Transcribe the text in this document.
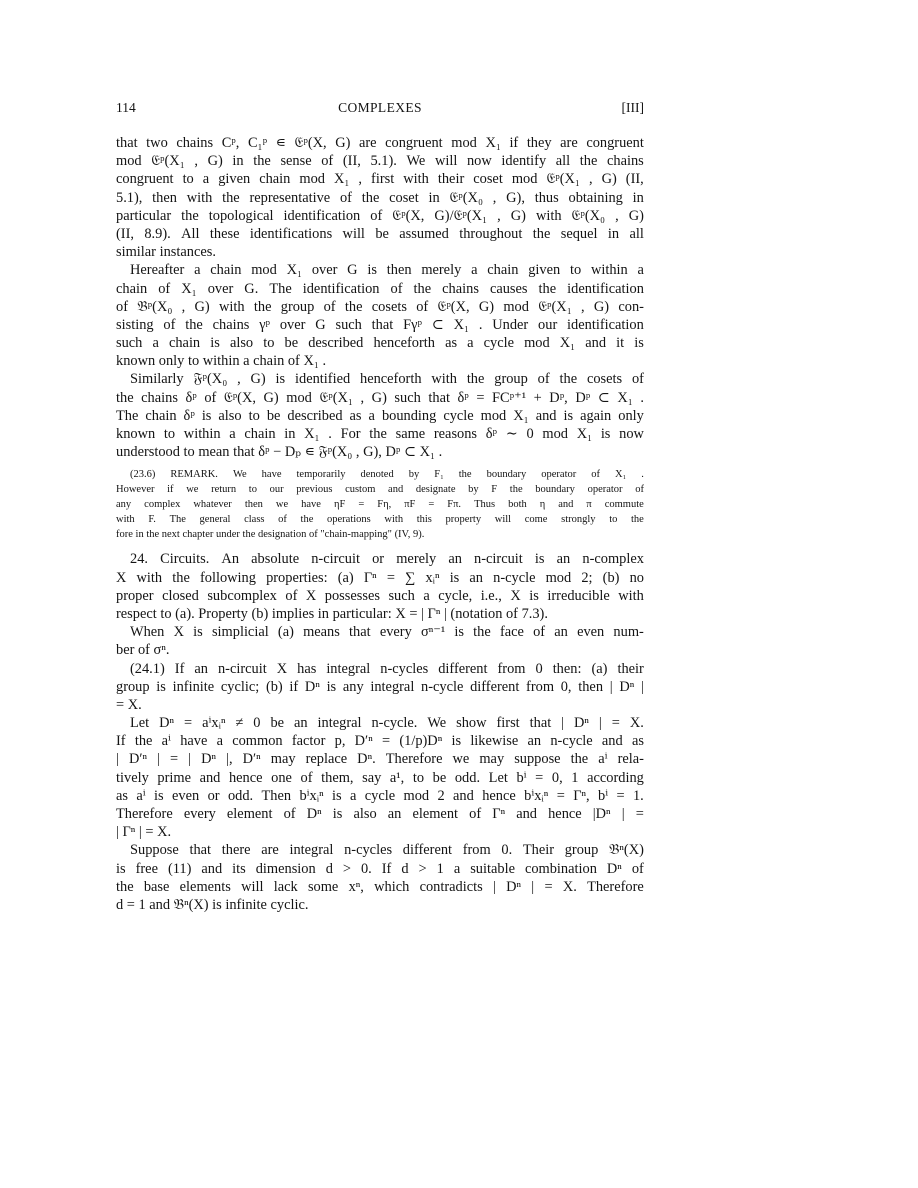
114	COMPLEXES	[III]
that two chains Cᵖ, C₁ᵖ ∊ 𝔈ᵖ(X, G) are congruent mod X₁ if they are congruent
mod 𝔈ᵖ(X₁ , G) in the sense of (II, 5.1). We will now identify all the chains
congruent to a given chain mod X₁ , first with their coset mod 𝔈ᵖ(X₁ , G) (II,
5.1), then with the representative of the coset in 𝔈ᵖ(X₀ , G), thus obtaining in
particular the topological identification of 𝔈ᵖ(X, G)/𝔈ᵖ(X₁ , G) with 𝔈ᵖ(X₀ , G)
(II, 8.9). All these identifications will be assumed throughout the sequel in all
similar instances.
Hereafter a chain mod X₁ over G is then merely a chain given to within a
chain of X₁ over G. The identification of the chains causes the identification
of 𝔅ᵖ(X₀ , G) with the group of the cosets of 𝔈ᵖ(X, G) mod 𝔈ᵖ(X₁ , G) con-
sisting of the chains γᵖ over G such that Fγᵖ ⊂ X₁ . Under our identification
such a chain is also to be described henceforth as a cycle mod X₁ and it is
known only to within a chain of X₁ .
Similarly 𝔉ᵖ(X₀ , G) is identified henceforth with the group of the cosets of
the chains δᵖ of 𝔈ᵖ(X, G) mod 𝔈ᵖ(X₁ , G) such that δᵖ = FCᵖ⁺¹ + Dᵖ, Dᵖ ⊂ X₁ .
The chain δᵖ is also to be described as a bounding cycle mod X₁ and is again only
known to within a chain in X₁ . For the same reasons δᵖ ∼ 0 mod X₁ is now
understood to mean that δᵖ − Dₚ ∊ 𝔉ᵖ(X₀ , G), Dᵖ ⊂ X₁ .
(23.6) REMARK. We have temporarily denoted by F₁ the boundary operator of X₁ .
However if we return to our previous custom and designate by F the boundary operator of
any complex whatever then we have ηF = Fη, πF = Fπ. Thus both η and π commute
with F. The general class of the operations with this property will come strongly to the
fore in the next chapter under the designation of "chain-mapping" (IV, 9).
24. Circuits. An absolute n-circuit or merely an n-circuit is an n-complex
X with the following properties: (a) Γⁿ = ∑ xᵢⁿ is an n-cycle mod 2; (b) no
proper closed subcomplex of X possesses such a cycle, i.e., X is irreducible with
respect to (a). Property (b) implies in particular: X = | Γⁿ | (notation of 7.3).
When X is simplicial (a) means that every σⁿ⁻¹ is the face of an even num-
ber of σⁿ.
(24.1) If an n-circuit X has integral n-cycles different from 0 then: (a) their
group is infinite cyclic; (b) if Dⁿ is any integral n-cycle different from 0, then | Dⁿ |
= X.
Let Dⁿ = aⁱxᵢⁿ ≠ 0 be an integral n-cycle. We show first that | Dⁿ | = X.
If the aⁱ have a common factor p, D′ⁿ = (1/p)Dⁿ is likewise an n-cycle and as
| D′ⁿ | = | Dⁿ |, D′ⁿ may replace Dⁿ. Therefore we may suppose the aⁱ rela-
tively prime and hence one of them, say a¹, to be odd. Let bⁱ = 0, 1 according
as aⁱ is even or odd. Then bⁱxᵢⁿ is a cycle mod 2 and hence bⁱxᵢⁿ = Γⁿ, bⁱ = 1.
Therefore every element of Dⁿ is also an element of Γⁿ and hence |Dⁿ | =
| Γⁿ | = X.
Suppose that there are integral n-cycles different from 0. Their group 𝔅ⁿ(X)
is free (11) and its dimension d > 0. If d > 1 a suitable combination Dⁿ of
the base elements will lack some xⁿ, which contradicts | Dⁿ | = X. Therefore
d = 1 and 𝔅ⁿ(X) is infinite cyclic.
